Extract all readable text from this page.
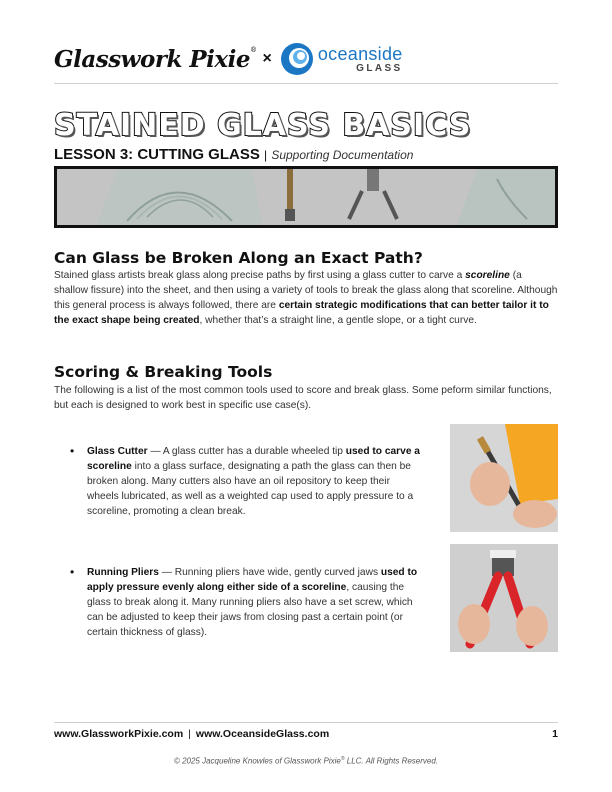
Glasswork Pixie®
×	oceanside
GLASS
STAINED GLASS BASICS
LESSON 3: CUTTING GLASS | Supporting Documentation
Can Glass be Broken Along an Exact Path?

Stained glass artists break glass along precise paths by first using a glass cutter to carve a scoreline (a shallow fissure) into the sheet, and then using a variety of tools to break the glass along that scoreline. Although this general process is always followed, there are certain strategic modifications that can better tailor it to the exact shape being created, whether that’s a straight line, a gentle slope, or a tight curve.

Scoring & Breaking Tools

The following is a list of the most common tools used to score and break glass. Some peform similar functions, but each is designed to work best in specific use case(s).

• Glass Cutter — A glass cutter has a durable wheeled tip used to carve a scoreline into a glass surface, designating a path the glass can then be broken along. Many cutters also have an oil repository to keep their wheels lubricated, as well as a weighted cap used to apply pressure to a scoreline, promoting a clean break.
• Running Pliers — Running pliers have wide, gently curved jaws used to apply pressure evenly along either side of a scoreline, causing the glass to break along it. Many running pliers also have a set screw, which can be adjusted to keep their jaws from closing past a certain point (or certain thickness of glass).
www.GlassworkPixie.com | www.OceansideGlass.com	1
© 2025 Jacqueline Knowles of Glasswork Pixie® LLC. All Rights Reserved.
